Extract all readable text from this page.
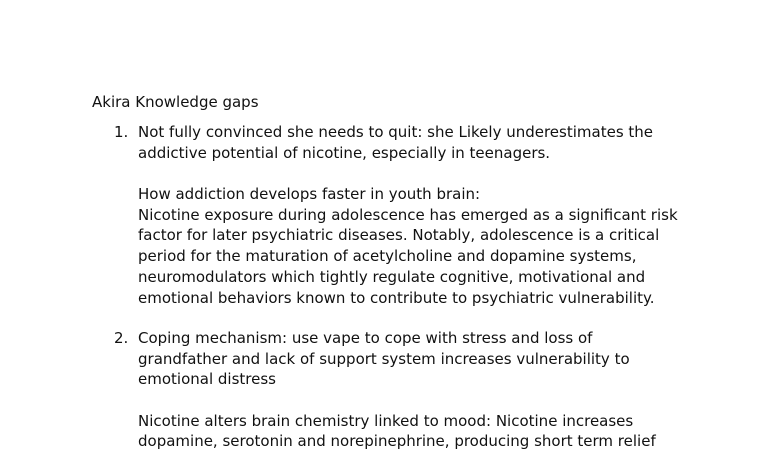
Akira Knowledge gaps
1. Not fully convinced she needs to quit: she Likely underestimates the
addictive potential of nicotine, especially in teenagers.
How addiction develops faster in youth brain:
Nicotine exposure during adolescence has emerged as a significant risk
factor for later psychiatric diseases. Notably, adolescence is a critical
period for the maturation of acetylcholine and dopamine systems,
neuromodulators which tightly regulate cognitive, motivational and
emotional behaviors known to contribute to psychiatric vulnerability.
2. Coping mechanism: use vape to cope with stress and loss of
grandfather and lack of support system increases vulnerability to
emotional distress
Nicotine alters brain chemistry linked to mood: Nicotine increases
dopamine, serotonin and norepinephrine, producing short term relief
